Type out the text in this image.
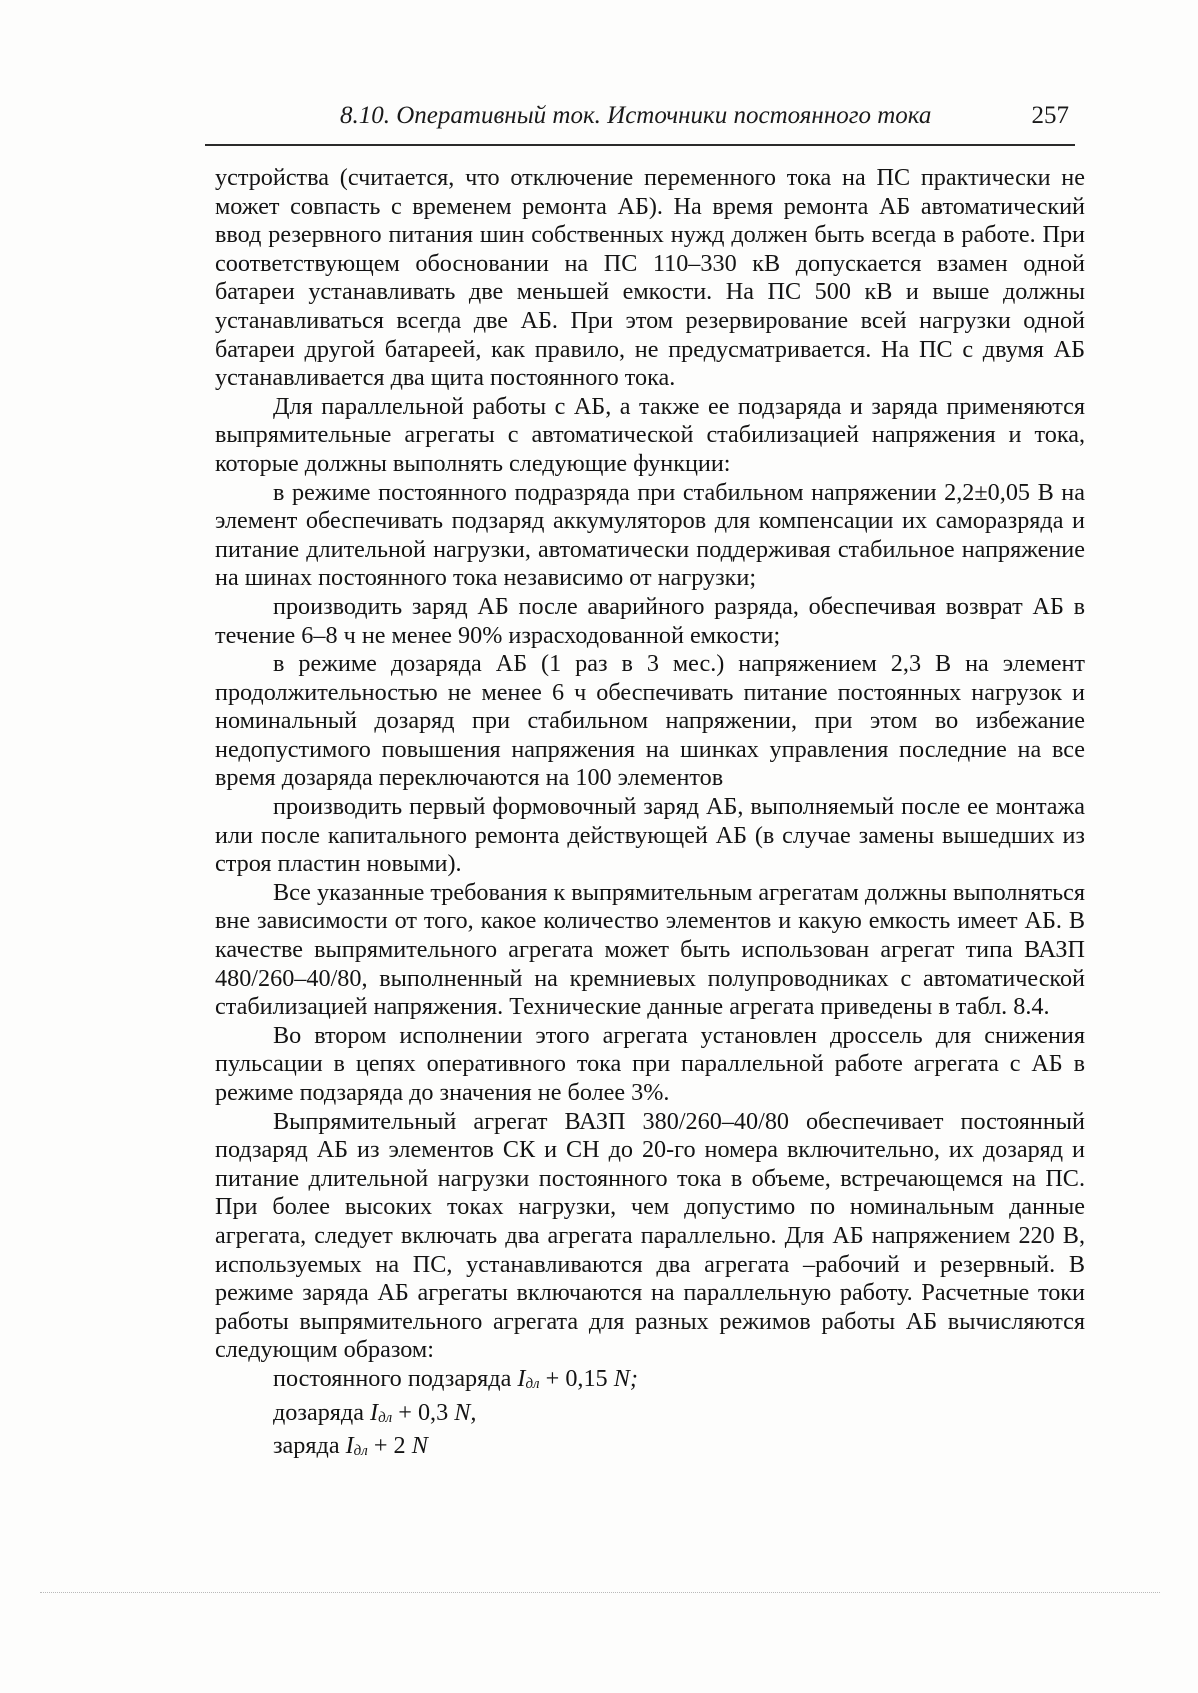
8.10. Оперативный ток. Источники постоянного тока	257

устройства (считается, что отключение переменного тока на ПС практически не может совпасть с временем ремонта АБ). На время ремонта АБ автоматический ввод резервного питания шин собственных нужд должен быть всегда в работе. При соответствующем обосновании на ПС 110–330 кВ допускается взамен одной батареи устанавливать две меньшей емкости. На ПС 500 кВ и выше должны устанавливаться всегда две АБ. При этом резервирование всей нагрузки одной батареи другой батареей, как правило, не предусматривается. На ПС с двумя АБ устанавливается два щита постоянного тока.

Для параллельной работы с АБ, а также ее подзаряда и заряда применяются выпрямительные агрегаты с автоматической стабилизацией напряжения и тока, которые должны выполнять следующие функции:

в режиме постоянного подразряда при стабильном напряжении 2,2±0,05 В на элемент обеспечивать подзаряд аккумуляторов для компенсации их саморазряда и питание длительной нагрузки, автоматически поддерживая стабильное напряжение на шинах постоянного тока независимо от нагрузки;

производить заряд АБ после аварийного разряда, обеспечивая возврат АБ в течение 6–8 ч не менее 90% израсходованной емкости;

в режиме дозаряда АБ (1 раз в 3 мес.) напряжением 2,3 В на элемент продолжительностью не менее 6 ч обеспечивать питание постоянных нагрузок и номинальный дозаряд при стабильном напряжении, при этом во избежание недопустимого повышения напряжения на шинках управления последние на все время дозаряда переключаются на 100 элементов

производить первый формовочный заряд АБ, выполняемый после ее монтажа или после капитального ремонта действующей АБ (в случае замены вышедших из строя пластин новыми).

Все указанные требования к выпрямительным агрегатам должны выполняться вне зависимости от того, какое количество элементов и какую емкость имеет АБ. В качестве выпрямительного агрегата может быть использован агрегат типа ВАЗП 480/260–40/80, выполненный на кремниевых полупроводниках с автоматической стабилизацией напряжения. Технические данные агрегата приведены в табл. 8.4.

Во втором исполнении этого агрегата установлен дроссель для снижения пульсации в цепях оперативного тока при параллельной работе агрегата с АБ в режиме подзаряда до значения не более 3%.

Выпрямительный агрегат ВАЗП 380/260–40/80 обеспечивает постоянный подзаряд АБ из элементов СК и СН до 20-го номера включительно, их дозаряд и питание длительной нагрузки постоянного тока в объеме, встречающемся на ПС. При более высоких токах нагрузки, чем допустимо по номинальным данные агрегата, следует включать два агрегата параллельно. Для АБ напряжением 220 В, используемых на ПС, устанавливаются два агрегата –рабочий и резервный. В режиме заряда АБ агрегаты включаются на параллельную работу. Расчетные токи работы выпрямительного агрегата для разных режимов работы АБ вычисляются следующим образом:

постоянного подзаряда Iдл + 0,15 N;
дозаряда Iдл + 0,3 N,
заряда Iдл + 2 N
